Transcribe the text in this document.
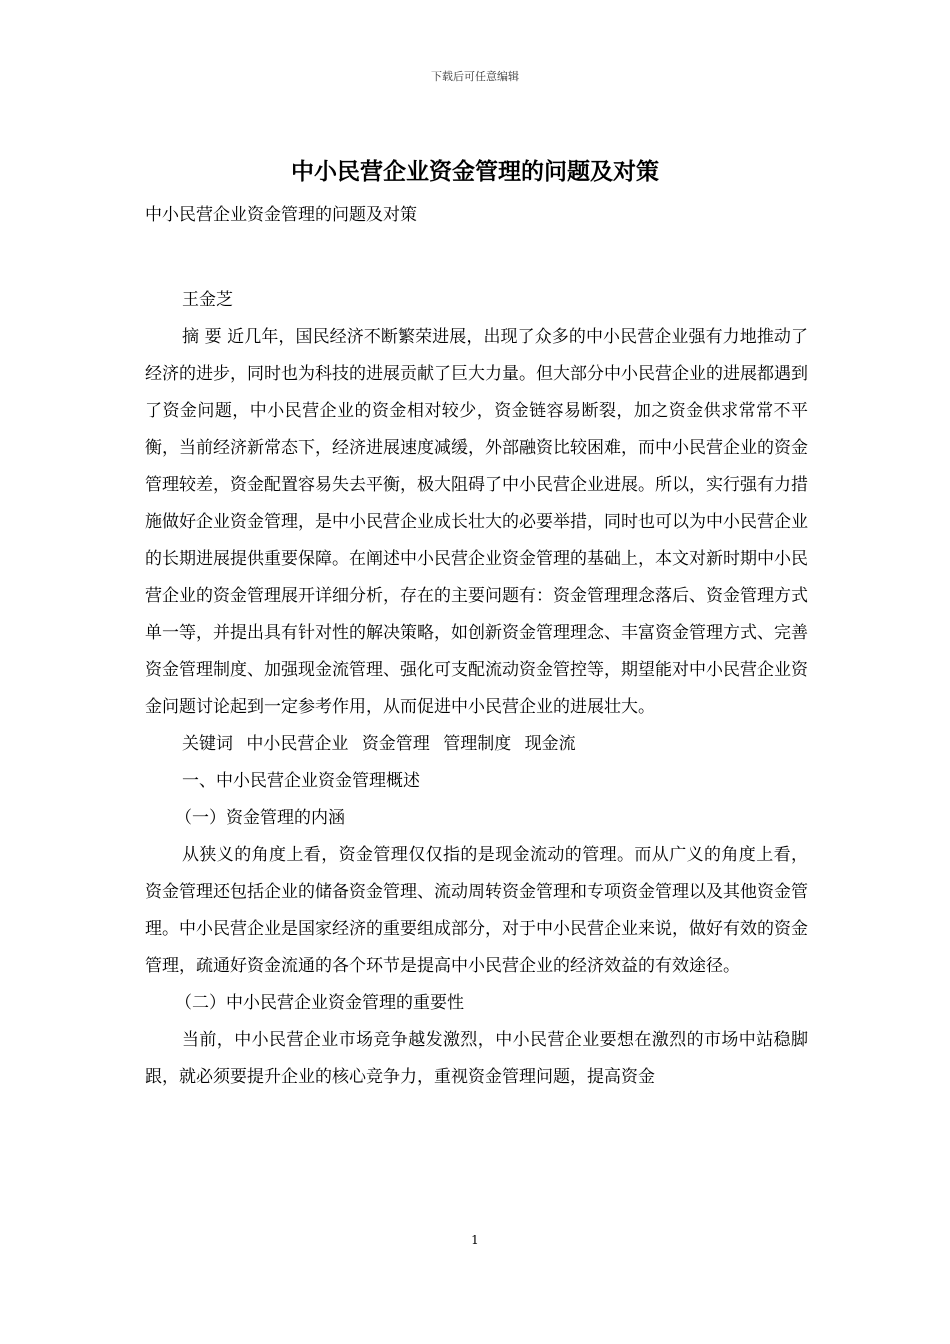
下载后可任意编辑
中小民营企业资金管理的问题及对策

中小民营企业资金管理的问题及对策

王金芝

摘 要 近几年，国民经济不断繁荣进展，出现了众多的中小民营企业强有力地推动了经济的进步，同时也为科技的进展贡献了巨大力量。但大部分中小民营企业的进展都遇到了资金问题，中小民营企业的资金相对较少，资金链容易断裂，加之资金供求常常不平衡，当前经济新常态下，经济进展速度减缓，外部融资比较困难，而中小民营企业的资金管理较差，资金配置容易失去平衡，极大阻碍了中小民营企业进展。所以，实行强有力措施做好企业资金管理，是中小民营企业成长壮大的必要举措，同时也可以为中小民营企业的长期进展提供重要保障。在阐述中小民营企业资金管理的基础上，本文对新时期中小民营企业的资金管理展开详细分析，存在的主要问题有：资金管理理念落后、资金管理方式单一等，并提出具有针对性的解决策略，如创新资金管理理念、丰富资金管理方式、完善资金管理制度、加强现金流管理、强化可支配流动资金管控等，期望能对中小民营企业资金问题讨论起到一定参考作用，从而促进中小民营企业的进展壮大。

关键词 中小民营企业 资金管理 管理制度 现金流

一、中小民营企业资金管理概述

（一）资金管理的内涵

从狭义的角度上看，资金管理仅仅指的是现金流动的管理。而从广义的角度上看，资金管理还包括企业的储备资金管理、流动周转资金管理和专项资金管理以及其他资金管理。中小民营企业是国家经济的重要组成部分，对于中小民营企业来说，做好有效的资金管理，疏通好资金流通的各个环节是提高中小民营企业的经济效益的有效途径。

（二）中小民营企业资金管理的重要性

当前，中小民营企业市场竞争越发激烈，中小民营企业要想在激烈的市场中站稳脚跟，就必须要提升企业的核心竞争力，重视资金管理问题，提高资金

1
